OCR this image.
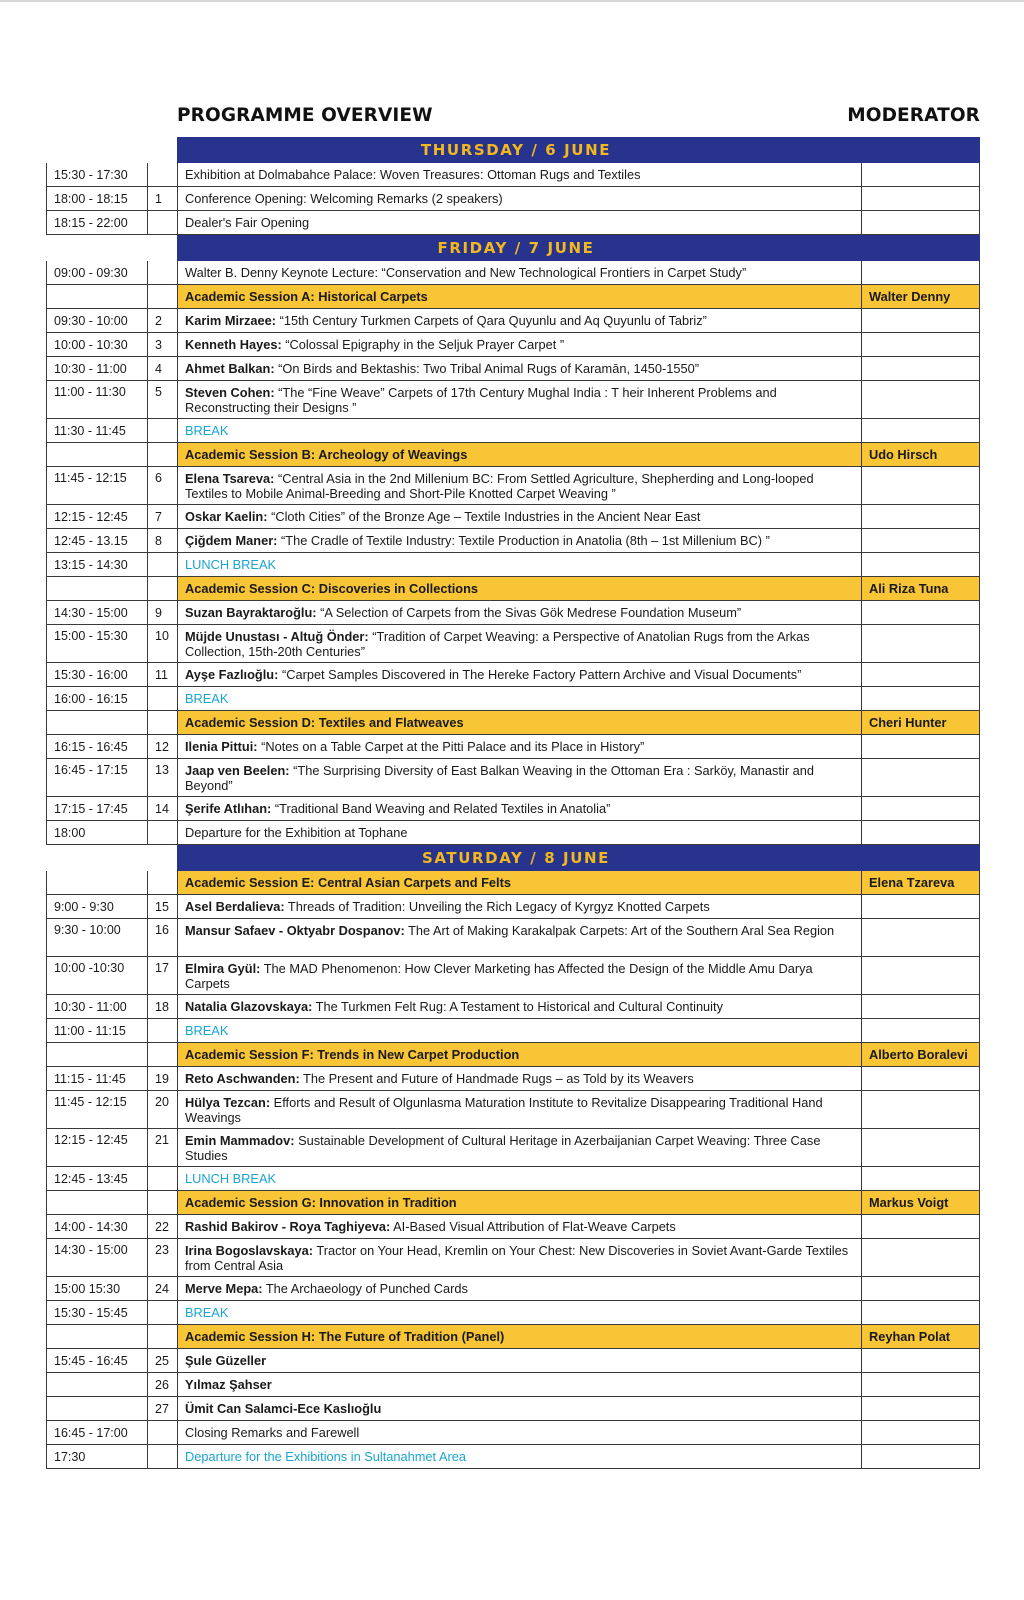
PROGRAMME OVERVIEW	MODERATOR
THURSDAY / 6 JUNE
15:30 - 17:30	Exhibition at Dolmabahce Palace: Woven Treasures: Ottoman Rugs and Textiles
18:00 - 18:15	1	Conference Opening: Welcoming Remarks (2 speakers)
18:15 - 22:00	Dealer's Fair Opening
FRIDAY / 7 JUNE
09:00 - 09:30	Walter B. Denny Keynote Lecture: “Conservation and New Technological Frontiers in Carpet Study”
Academic Session A: Historical Carpets	Walter Denny
09:30 - 10:00	2	Karim Mirzaee: “15th Century Turkmen Carpets of Qara Quyunlu and Aq Quyunlu of Tabriz”
10:00 - 10:30	3	Kenneth Hayes: “Colossal Epigraphy in the Seljuk Prayer Carpet ”
10:30 - 11:00	4	Ahmet Balkan: “On Birds and Bektashis: Two Tribal Animal Rugs of Karamān, 1450-1550”
11:00 - 11:30	5	Steven Cohen: “The “Fine Weave” Carpets of 17th Century Mughal India : T heir Inherent Problems and Reconstructing their Designs ”
11:30 - 11:45	BREAK
Academic Session B: Archeology of Weavings	Udo Hirsch
11:45 - 12:15	6	Elena Tsareva: “Central Asia in the 2nd Millenium BC: From Settled Agriculture, Shepherding and Long-looped Textiles to Mobile Animal-Breeding and Short-Pile Knotted Carpet Weaving ”
12:15 - 12:45	7	Oskar Kaelin: “Cloth Cities” of the Bronze Age – Textile Industries in the Ancient Near East
12:45 - 13.15	8	Çiğdem Maner: “The Cradle of Textile Industry: Textile Production in Anatolia (8th – 1st Millenium BC) ”
13:15 - 14:30	LUNCH BREAK
Academic Session C: Discoveries in Collections	Ali Riza Tuna
14:30 - 15:00	9	Suzan Bayraktaroğlu: “A Selection of Carpets from the Sivas Gök Medrese Foundation Museum”
15:00 - 15:30	10	Müjde Unustası - Altuğ Önder: “Tradition of Carpet Weaving: a Perspective of Anatolian Rugs from the Arkas Collection, 15th-20th Centuries”
15:30 - 16:00	11	Ayşe Fazlıoğlu: “Carpet Samples Discovered in The Hereke Factory Pattern Archive and Visual Documents”
16:00 - 16:15	BREAK
Academic Session D: Textiles and Flatweaves	Cheri Hunter
16:15 - 16:45	12	Ilenia Pittui: “Notes on a Table Carpet at the Pitti Palace and its Place in History”
16:45 - 17:15	13	Jaap ven Beelen: “The Surprising Diversity of East Balkan Weaving in the Ottoman Era : Sarköy, Manastir and Beyond”
17:15 - 17:45	14	Şerife Atlıhan: “Traditional Band Weaving and Related Textiles in Anatolia”
18:00	Departure for the Exhibition at Tophane
SATURDAY / 8 JUNE
Academic Session E: Central Asian Carpets and Felts	Elena Tzareva
9:00 - 9:30	15	Asel Berdalieva: Threads of Tradition: Unveiling the Rich Legacy of Kyrgyz Knotted Carpets
9:30 - 10:00	16	Mansur Safaev - Oktyabr Dospanov: The Art of Making Karakalpak Carpets: Art of the Southern Aral Sea Region
10:00 -10:30	17	Elmira Gyül: The MAD Phenomenon: How Clever Marketing has Affected the Design of the Middle Amu Darya Carpets
10:30 - 11:00	18	Natalia Glazovskaya: The Turkmen Felt Rug: A Testament to Historical and Cultural Continuity
11:00 - 11:15	BREAK
Academic Session F: Trends in New Carpet Production	Alberto Boralevi
11:15 - 11:45	19	Reto Aschwanden: The Present and Future of Handmade Rugs – as Told by its Weavers
11:45 - 12:15	20	Hülya Tezcan: Efforts and Result of Olgunlasma Maturation Institute to Revitalize Disappearing Traditional Hand Weavings
12:15 - 12:45	21	Emin Mammadov: Sustainable Development of Cultural Heritage in Azerbaijanian Carpet Weaving: Three Case Studies
12:45 - 13:45	LUNCH BREAK
Academic Session G: Innovation in Tradition	Markus Voigt
14:00 - 14:30	22	Rashid Bakirov - Roya Taghiyeva: AI-Based Visual Attribution of Flat-Weave Carpets
14:30 - 15:00	23	Irina Bogoslavskaya: Tractor on Your Head, Kremlin on Your Chest: New Discoveries in Soviet Avant-Garde Textiles from Central Asia
15:00 15:30	24	Merve Mepa: The Archaeology of Punched Cards
15:30 - 15:45	BREAK
Academic Session H: The Future of Tradition (Panel)	Reyhan Polat
15:45 - 16:45	25	Şule Güzeller
26	Yılmaz Şahser
27	Ümit Can Salamci-Ece Kaslıoğlu
16:45 - 17:00	Closing Remarks and Farewell
17:30	Departure for the Exhibitions in Sultanahmet Area
